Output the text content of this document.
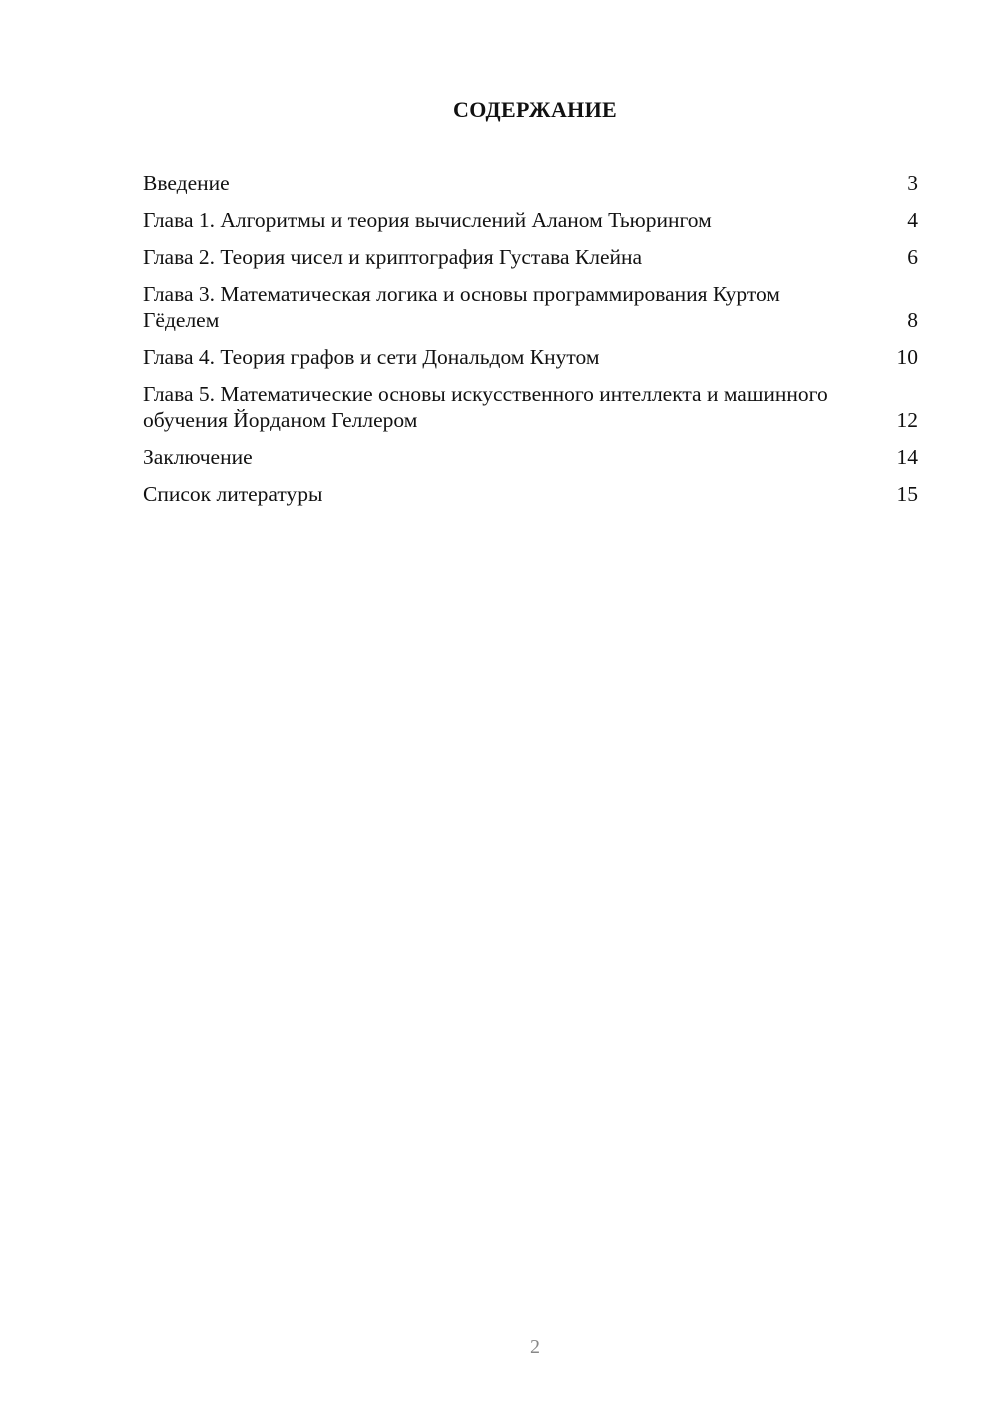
СОДЕРЖАНИЕ
Введение	3
Глава 1. Алгоритмы и теория вычислений Аланом Тьюрингом	4
Глава 2. Теория чисел и криптография Густава Клейна	6
Глава 3. Математическая логика и основы программирования Куртом Гёделем	8
Глава 4. Теория графов и сети Дональдом Кнутом	10
Глава 5. Математические основы искусственного интеллекта и машинного обучения Йорданом Геллером	12
Заключение	14
Список литературы	15
2
